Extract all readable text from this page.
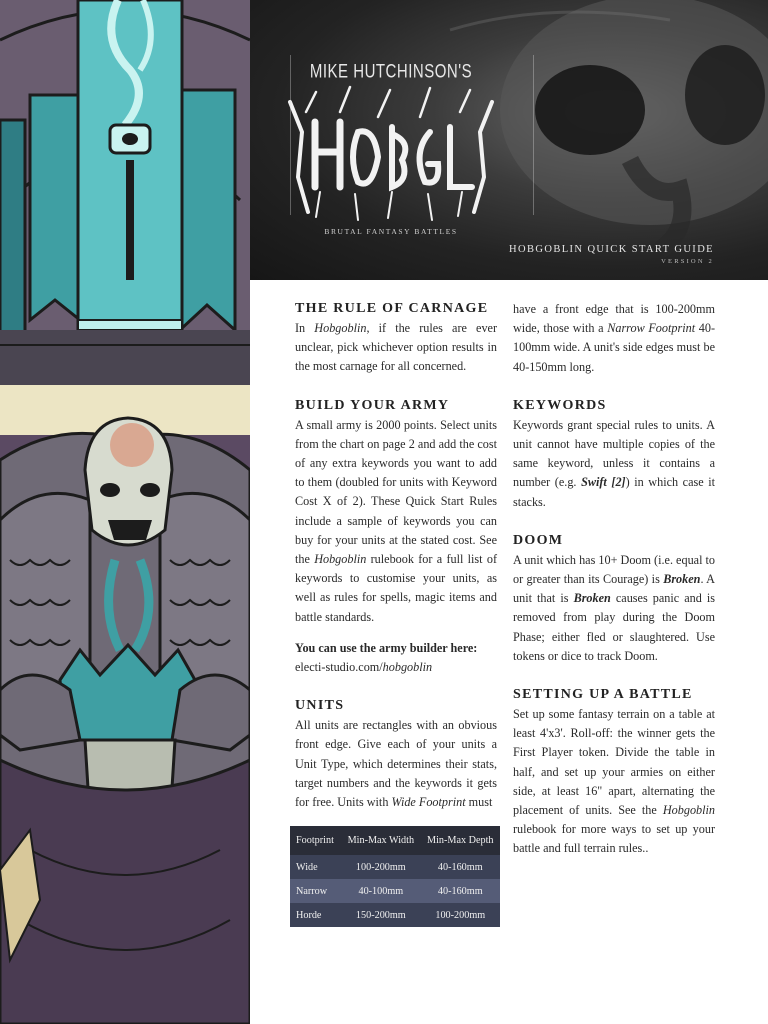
MIKE HUTCHINSON'S
BRUTAL FANTASY BATTLES
HOBGOBLIN QUICK START GUIDE
VERSION 2
THE RULE OF CARNAGE

In Hobgoblin, if the rules are ever unclear, pick whichever option results in the most carnage for all concerned.

BUILD YOUR ARMY

A small army is 2000 points. Select units from the chart on page 2 and add the cost of any extra keywords you want to add to them (doubled for units with Keyword Cost X of 2). These Quick Start Rules include a sample of keywords you can buy for your units at the stated cost. See the Hobgoblin rulebook for a full list of keywords to customise your units, as well as rules for spells, magic items and battle standards.

You can use the army builder here:
electi-studio.com/hobgoblin

UNITS

All units are rectangles with an obvious front edge. Give each of your units a Unit Type, which determines their stats, target numbers and the keywords it gets for free. Units with Wide Footprint must

Footprint	Min-Max Width	Min-Max Depth
Wide	100-200mm	40-160mm
Narrow	40-100mm	40-160mm
Horde	150-200mm	100-200mm

have a front edge that is 100-200mm wide, those with a Narrow Footprint 40-100mm wide. A unit's side edges must be 40-150mm long.

KEYWORDS

Keywords grant special rules to units. A unit cannot have multiple copies of the same keyword, unless it contains a number (e.g. Swift [2]) in which case it stacks.

DOOM

A unit which has 10+ Doom (i.e. equal to or greater than its Courage) is Broken. A unit that is Broken causes panic and is removed from play during the Doom Phase; either fled or slaughtered. Use tokens or dice to track Doom.

SETTING UP A BATTLE

Set up some fantasy terrain on a table at least 4'x3'. Roll-off: the winner gets the First Player token. Divide the table in half, and set up your armies on either side, at least 16" apart, alternating the placement of units. See the Hobgoblin rulebook for more ways to set up your battle and full terrain rules..
